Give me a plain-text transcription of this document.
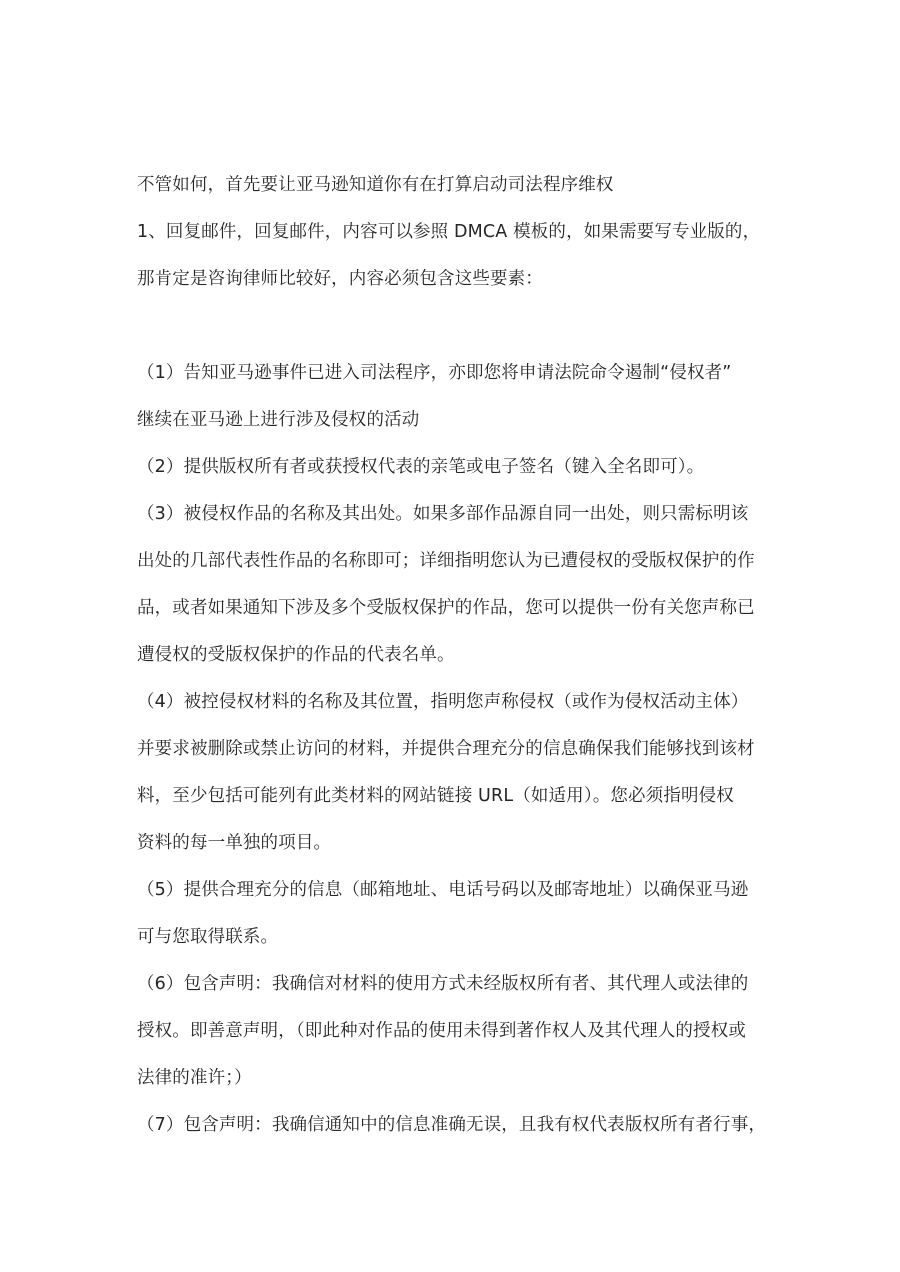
不管如何，首先要让亚马逊知道你有在打算启动司法程序维权
1、回复邮件，回复邮件，内容可以参照 DMCA 模板的，如果需要写专业版的，
那肯定是咨询律师比较好，内容必须包含这些要素：
（1）告知亚马逊事件已进入司法程序，亦即您将申请法院命令遏制“侵权者”
继续在亚马逊上进行涉及侵权的活动
（2）提供版权所有者或获授权代表的亲笔或电子签名（键入全名即可）。
（3）被侵权作品的名称及其出处。如果多部作品源自同一出处，则只需标明该
出处的几部代表性作品的名称即可；详细指明您认为已遭侵权的受版权保护的作
品，或者如果通知下涉及多个受版权保护的作品，您可以提供一份有关您声称已
遭侵权的受版权保护的作品的代表名单。
（4）被控侵权材料的名称及其位置，指明您声称侵权（或作为侵权活动主体）
并要求被删除或禁止访问的材料，并提供合理充分的信息确保我们能够找到该材
料，至少包括可能列有此类材料的网站链接 URL（如适用）。您必须指明侵权
资料的每一单独的项目。
（5）提供合理充分的信息（邮箱地址、电话号码以及邮寄地址）以确保亚马逊
可与您取得联系。
（6）包含声明：我确信对材料的使用方式未经版权所有者、其代理人或法律的
授权。即善意声明，（即此种对作品的使用未得到著作权人及其代理人的授权或
法律的准许；）
（7）包含声明：我确信通知中的信息准确无误，且我有权代表版权所有者行事，
